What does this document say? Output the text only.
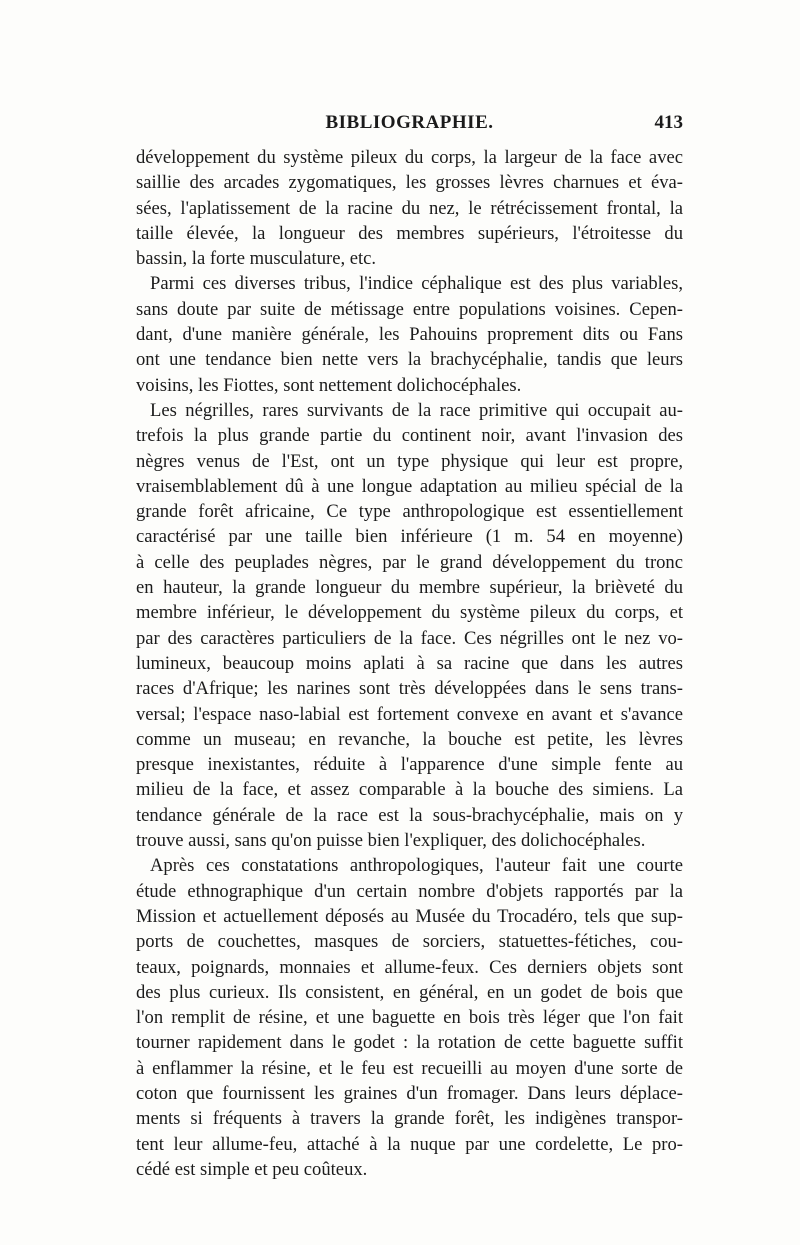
BIBLIOGRAPHIE.	413
développement du système pileux du corps, la largeur de la face avec
saillie des arcades zygomatiques, les grosses lèvres charnues et éva-
sées, l'aplatissement de la racine du nez, le rétrécissement frontal, la
taille élevée, la longueur des membres supérieurs, l'étroitesse du
bassin, la forte musculature, etc.
Parmi ces diverses tribus, l'indice céphalique est des plus variables,
sans doute par suite de métissage entre populations voisines. Cepen-
dant, d'une manière générale, les Pahouins proprement dits ou Fans
ont une tendance bien nette vers la brachycéphalie, tandis que leurs
voisins, les Fiottes, sont nettement dolichocéphales.
Les négrilles, rares survivants de la race primitive qui occupait au-
trefois la plus grande partie du continent noir, avant l'invasion des
nègres venus de l'Est, ont un type physique qui leur est propre,
vraisemblablement dû à une longue adaptation au milieu spécial de la
grande forêt africaine, Ce type anthropologique est essentiellement
caractérisé par une taille bien inférieure (1 m. 54 en moyenne)
à celle des peuplades nègres, par le grand développement du tronc
en hauteur, la grande longueur du membre supérieur, la brièveté du
membre inférieur, le développement du système pileux du corps, et
par des caractères particuliers de la face. Ces négrilles ont le nez vo-
lumineux, beaucoup moins aplati à sa racine que dans les autres
races d'Afrique; les narines sont très développées dans le sens trans-
versal; l'espace naso-labial est fortement convexe en avant et s'avance
comme un museau; en revanche, la bouche est petite, les lèvres
presque inexistantes, réduite à l'apparence d'une simple fente au
milieu de la face, et assez comparable à la bouche des simiens. La
tendance générale de la race est la sous-brachycéphalie, mais on y
trouve aussi, sans qu'on puisse bien l'expliquer, des dolichocéphales.
Après ces constatations anthropologiques, l'auteur fait une courte
étude ethnographique d'un certain nombre d'objets rapportés par la
Mission et actuellement déposés au Musée du Trocadéro, tels que sup-
ports de couchettes, masques de sorciers, statuettes-fétiches, cou-
teaux, poignards, monnaies et allume-feux. Ces derniers objets sont
des plus curieux. Ils consistent, en général, en un godet de bois que
l'on remplit de résine, et une baguette en bois très léger que l'on fait
tourner rapidement dans le godet : la rotation de cette baguette suffit
à enflammer la résine, et le feu est recueilli au moyen d'une sorte de
coton que fournissent les graines d'un fromager. Dans leurs déplace-
ments si fréquents à travers la grande forêt, les indigènes transpor-
tent leur allume-feu, attaché à la nuque par une cordelette, Le pro-
cédé est simple et peu coûteux.
